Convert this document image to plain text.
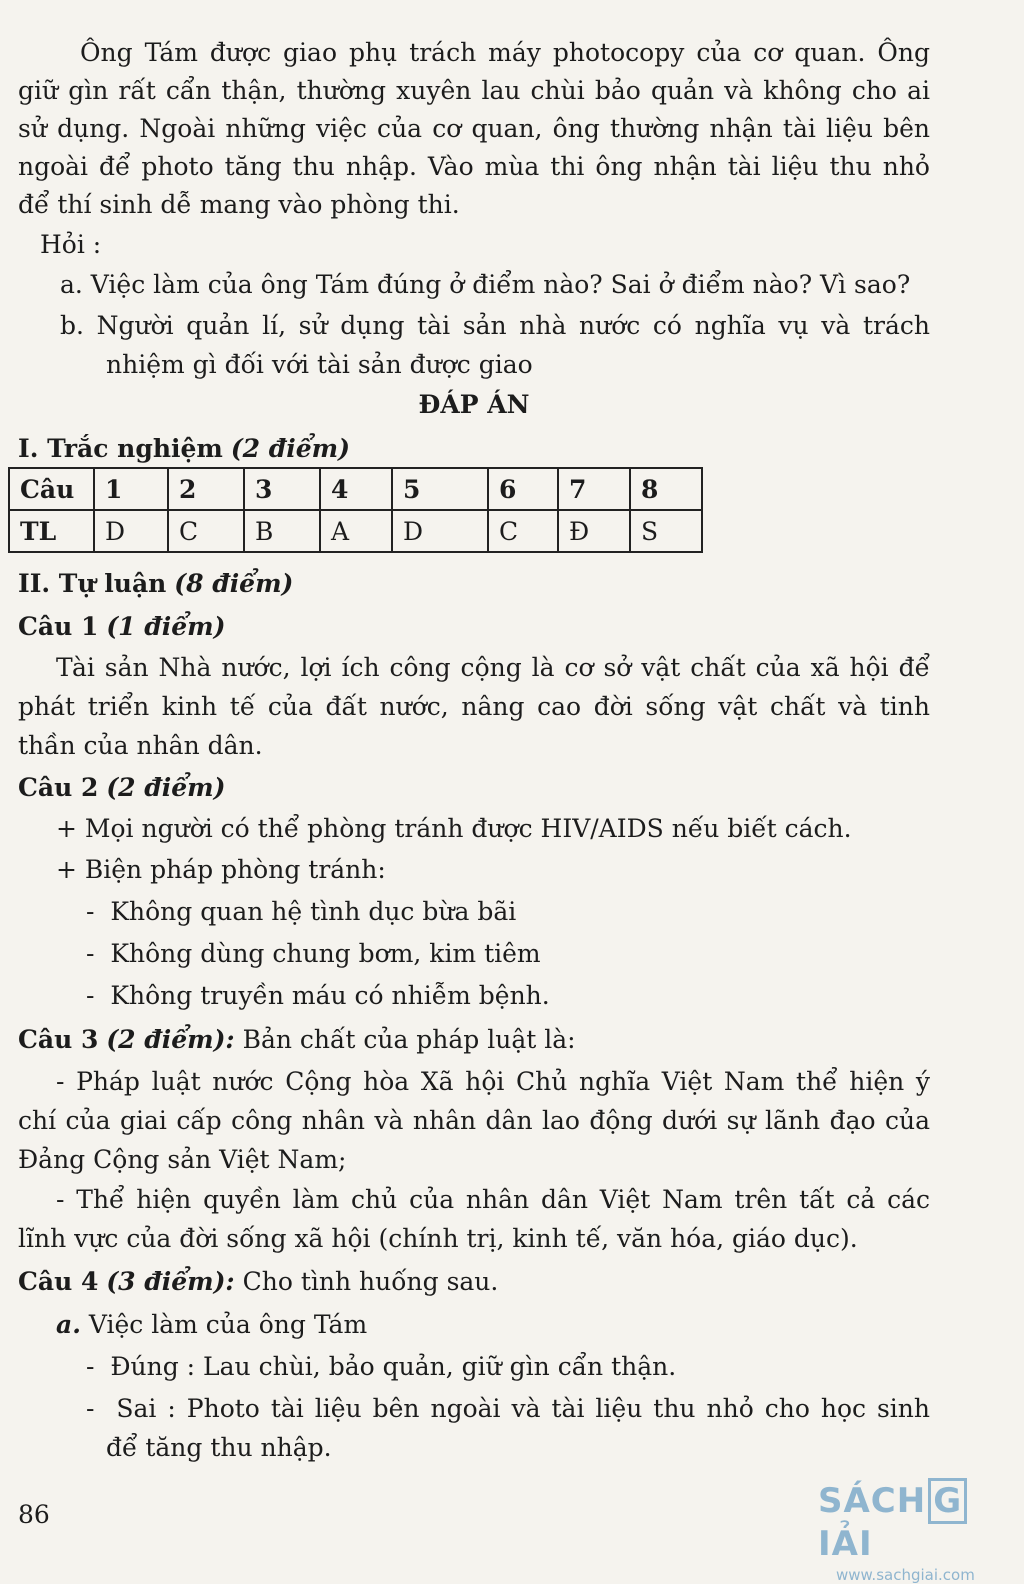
Ông Tám được giao phụ trách máy photocopy của cơ quan. Ông
giữ gìn rất cẩn thận, thường xuyên lau chùi bảo quản và không cho ai
sử dụng. Ngoài những việc của cơ quan, ông thường nhận tài liệu bên
ngoài để photo tăng thu nhập. Vào mùa thi ông nhận tài liệu thu nhỏ
để thí sinh dễ mang vào phòng thi.
Hỏi :
a. Việc làm của ông Tám đúng ở điểm nào? Sai ở điểm nào? Vì sao?
b. Người quản lí, sử dụng tài sản nhà nước có nghĩa vụ và trách
nhiệm gì đối với tài sản được giao
ĐÁP ÁN
I. Trắc nghiệm (2 điểm)
Câu	1	2	3	4	5	6	7	8
TL	D	C	B	A	D	C	Đ	S
II. Tự luận (8 điểm)
Câu 1 (1 điểm)
Tài sản Nhà nước, lợi ích công cộng là cơ sở vật chất của xã hội để
phát triển kinh tế của đất nước, nâng cao đời sống vật chất và tinh
thần của nhân dân.
Câu 2 (2 điểm)
+ Mọi người có thể phòng tránh được HIV/AIDS nếu biết cách.
+ Biện pháp phòng tránh:
-  Không quan hệ tình dục bừa bãi
-  Không dùng chung bơm, kim tiêm
-  Không truyền máu có nhiễm bệnh.
Câu 3 (2 điểm): Bản chất của pháp luật là:
- Pháp luật nước Cộng hòa Xã hội Chủ nghĩa Việt Nam thể hiện ý
chí của giai cấp công nhân và nhân dân lao động dưới sự lãnh đạo của
Đảng Cộng sản Việt Nam;
- Thể hiện quyền làm chủ của nhân dân Việt Nam trên tất cả các
lĩnh vực của đời sống xã hội (chính trị, kinh tế, văn hóa, giáo dục).
Câu 4 (3 điểm): Cho tình huống sau.
a. Việc làm của ông Tám
-  Đúng : Lau chùi, bảo quản, giữ gìn cẩn thận.
-  Sai : Photo tài liệu bên ngoài và tài liệu thu nhỏ cho học sinh
để tăng thu nhập.
86	SÁCH GIẢI
www.sachgiai.com
